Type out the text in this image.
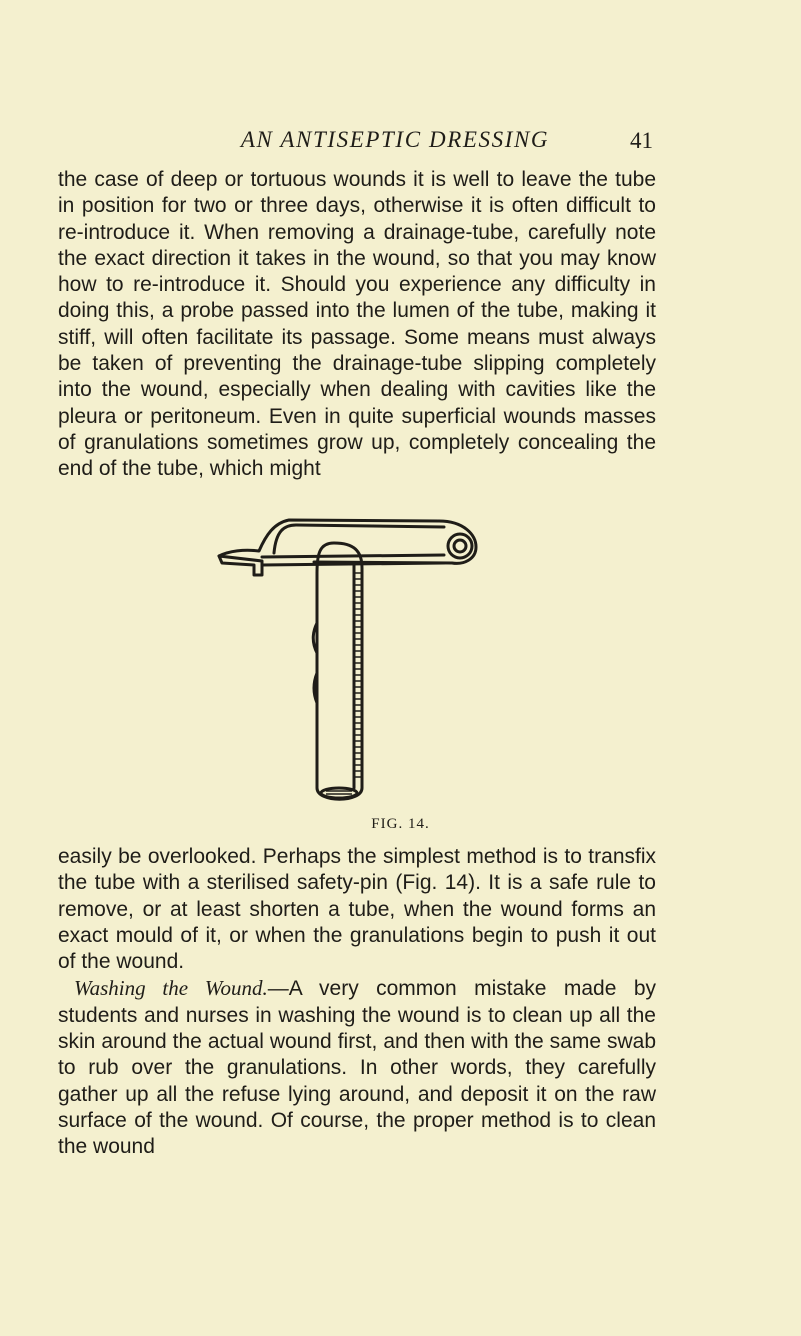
AN ANTISEPTIC DRESSING	41

the case of deep or tortuous wounds it is well to leave the tube in position for two or three days, otherwise it is often difficult to re-introduce it. When removing a drainage-tube, carefully note the exact direction it takes in the wound, so that you may know how to re-introduce it. Should you experience any difficulty in doing this, a probe passed into the lumen of the tube, making it stiff, will often facilitate its passage. Some means must always be taken of preventing the drainage-tube slipping completely into the wound, especially when dealing with cavities like the pleura or peritoneum. Even in quite superficial wounds masses of granulations sometimes grow up, completely concealing the end of the tube, which might

FIG. 14.

easily be overlooked. Perhaps the simplest method is to transfix the tube with a sterilised safety-pin (Fig. 14). It is a safe rule to remove, or at least shorten a tube, when the wound forms an exact mould of it, or when the granulations begin to push it out of the wound.

Washing the Wound.—A very common mistake made by students and nurses in washing the wound is to clean up all the skin around the actual wound first, and then with the same swab to rub over the granulations. In other words, they carefully gather up all the refuse lying around, and deposit it on the raw surface of the wound. Of course, the proper method is to clean the wound
